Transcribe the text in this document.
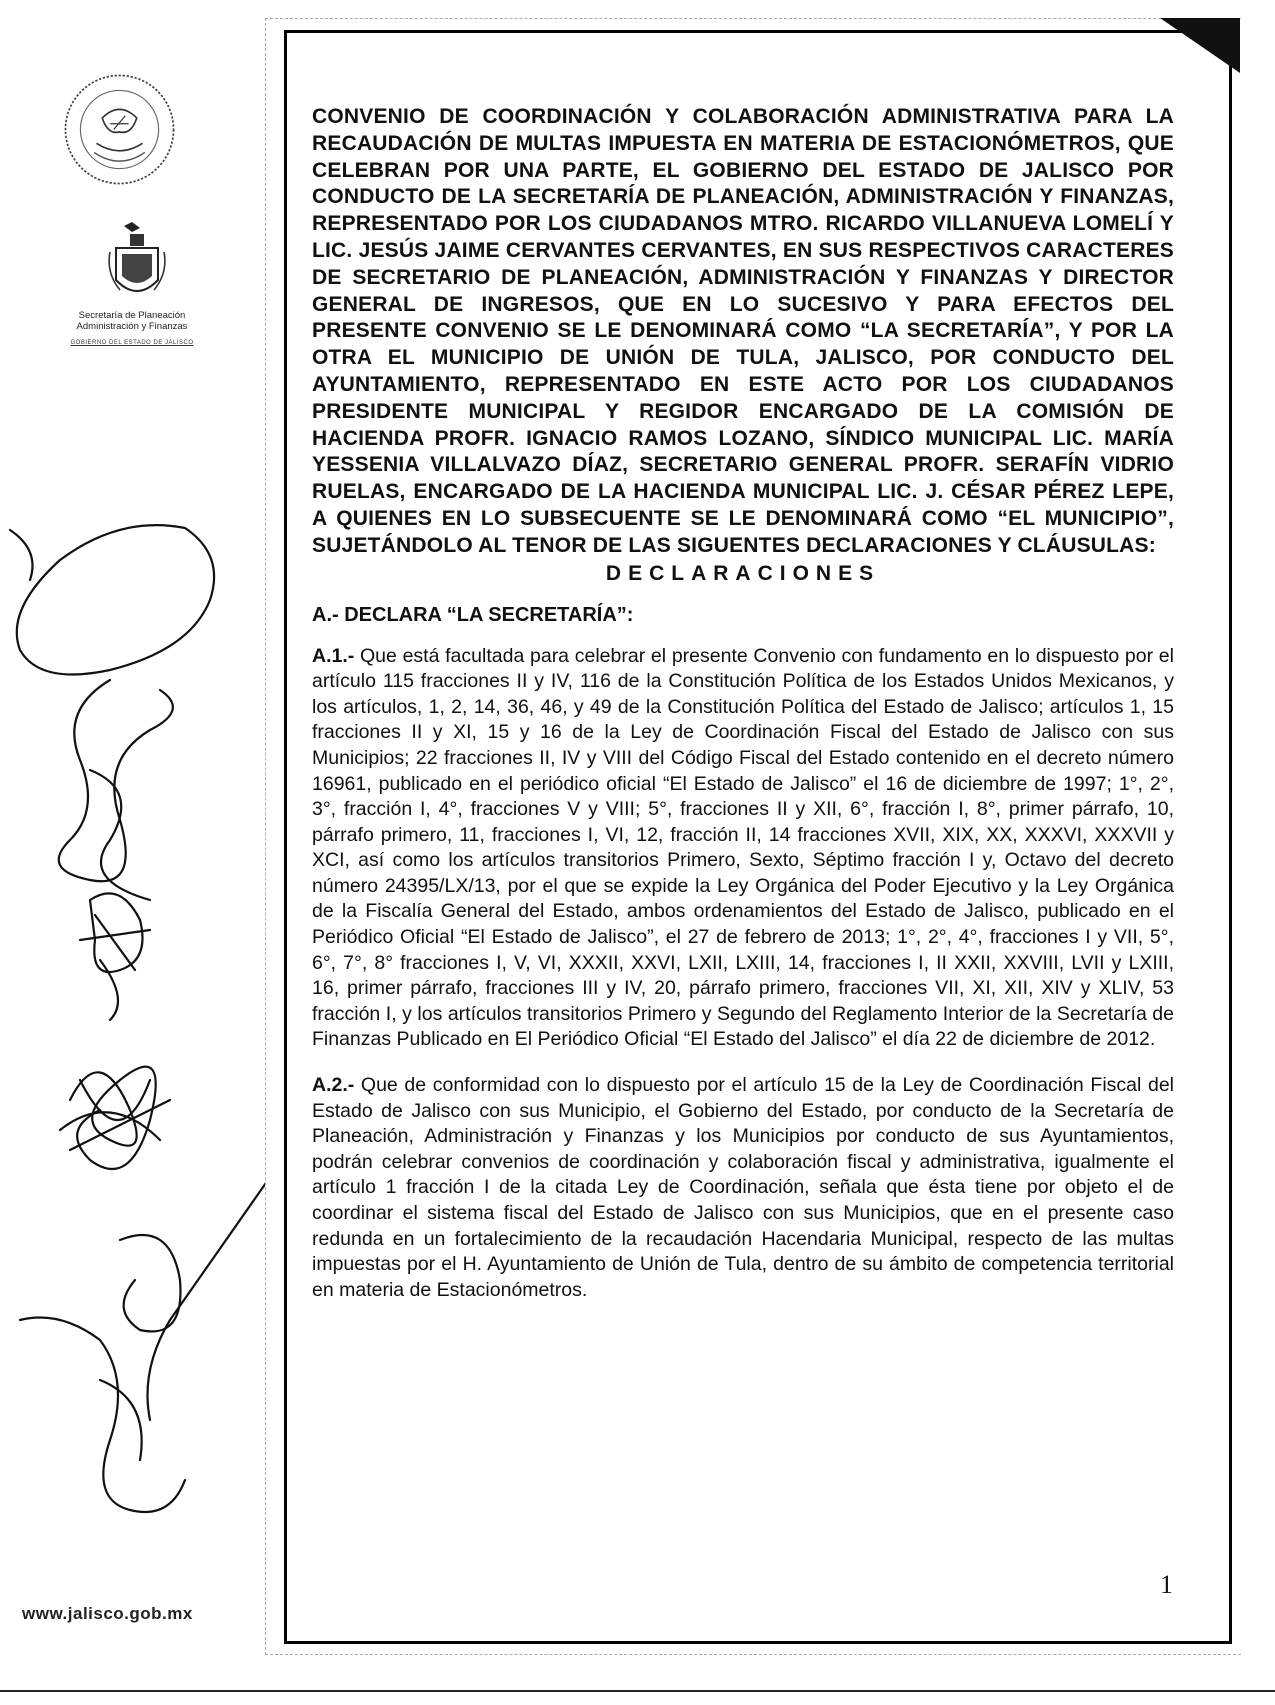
Secretaría de Planeación
Administración y Finanzas
GOBIERNO DEL ESTADO DE JALISCO
www.jalisco.gob.mx

CONVENIO DE COORDINACIÓN Y COLABORACIÓN ADMINISTRATIVA PARA LA RECAUDACIÓN DE MULTAS IMPUESTA EN MATERIA DE ESTACIONÓMETROS, QUE CELEBRAN POR UNA PARTE, EL GOBIERNO DEL ESTADO DE JALISCO POR CONDUCTO DE LA SECRETARÍA DE PLANEACIÓN, ADMINISTRACIÓN Y FINANZAS, REPRESENTADO POR LOS CIUDADANOS MTRO. RICARDO VILLANUEVA LOMELÍ Y LIC. JESÚS JAIME CERVANTES CERVANTES, EN SUS RESPECTIVOS CARACTERES DE SECRETARIO DE PLANEACIÓN, ADMINISTRACIÓN Y FINANZAS Y DIRECTOR GENERAL DE INGRESOS, QUE EN LO SUCESIVO Y PARA EFECTOS DEL PRESENTE CONVENIO SE LE DENOMINARÁ COMO “LA SECRETARÍA”, Y POR LA OTRA EL MUNICIPIO DE UNIÓN DE TULA, JALISCO, POR CONDUCTO DEL AYUNTAMIENTO, REPRESENTADO EN ESTE ACTO POR LOS CIUDADANOS PRESIDENTE MUNICIPAL Y REGIDOR ENCARGADO DE LA COMISIÓN DE HACIENDA PROFR. IGNACIO RAMOS LOZANO, SÍNDICO MUNICIPAL LIC. MARÍA YESSENIA VILLALVAZO DÍAZ, SECRETARIO GENERAL PROFR. SERAFÍN VIDRIO RUELAS, ENCARGADO DE LA HACIENDA MUNICIPAL LIC. J. CÉSAR PÉREZ LEPE, A QUIENES EN LO SUBSECUENTE SE LE DENOMINARÁ COMO “EL MUNICIPIO”, SUJETÁNDOLO AL TENOR DE LAS SIGUENTES DECLARACIONES Y CLÁUSULAS:

DECLARACIONES

A.- DECLARA “LA SECRETARÍA”:

A.1.- Que está facultada para celebrar el presente Convenio con fundamento en lo dispuesto por el artículo 115 fracciones II y IV, 116 de la Constitución Política de los Estados Unidos Mexicanos, y los artículos, 1, 2, 14, 36, 46, y 49 de la Constitución Política del Estado de Jalisco; artículos 1, 15 fracciones II y XI, 15 y 16 de la Ley de Coordinación Fiscal del Estado de Jalisco con sus Municipios; 22 fracciones II, IV y VIII del Código Fiscal del Estado contenido en el decreto número 16961, publicado en el periódico oficial “El Estado de Jalisco” el 16 de diciembre de 1997; 1°, 2°, 3°, fracción I, 4°, fracciones V y VIII; 5°, fracciones II y XII, 6°, fracción I, 8°, primer párrafo, 10, párrafo primero, 11, fracciones I, VI, 12, fracción II, 14 fracciones XVII, XIX, XX, XXXVI, XXXVII y XCI, así como los artículos transitorios Primero, Sexto, Séptimo fracción I y, Octavo del decreto número 24395/LX/13, por el que se expide la Ley Orgánica del Poder Ejecutivo y la Ley Orgánica de la Fiscalía General del Estado, ambos ordenamientos del Estado de Jalisco, publicado en el Periódico Oficial “El Estado de Jalisco”, el 27 de febrero de 2013; 1°, 2°, 4°, fracciones I y VII, 5°, 6°, 7°, 8° fracciones I, V, VI, XXXII, XXVI, LXII, LXIII, 14, fracciones I, II XXII, XXVIII, LVII y LXIII, 16, primer párrafo, fracciones III y IV, 20, párrafo primero, fracciones VII, XI, XII, XIV y XLIV, 53 fracción I, y los artículos transitorios Primero y Segundo del Reglamento Interior de la Secretaría de Finanzas Publicado en El Periódico Oficial “El Estado del Jalisco” el día 22 de diciembre de 2012.

A.2.- Que de conformidad con lo dispuesto por el artículo 15 de la Ley de Coordinación Fiscal del Estado de Jalisco con sus Municipio, el Gobierno del Estado, por conducto de la Secretaría de Planeación, Administración y Finanzas y los Municipios por conducto de sus Ayuntamientos, podrán celebrar convenios de coordinación y colaboración fiscal y administrativa, igualmente el artículo 1 fracción I de la citada Ley de Coordinación, señala que ésta tiene por objeto el de coordinar el sistema fiscal del Estado de Jalisco con sus Municipios, que en el presente caso redunda en un fortalecimiento de la recaudación Hacendaria Municipal, respecto de las multas impuestas por el H. Ayuntamiento de Unión de Tula, dentro de su ámbito de competencia territorial en materia de Estacionómetros.

1
